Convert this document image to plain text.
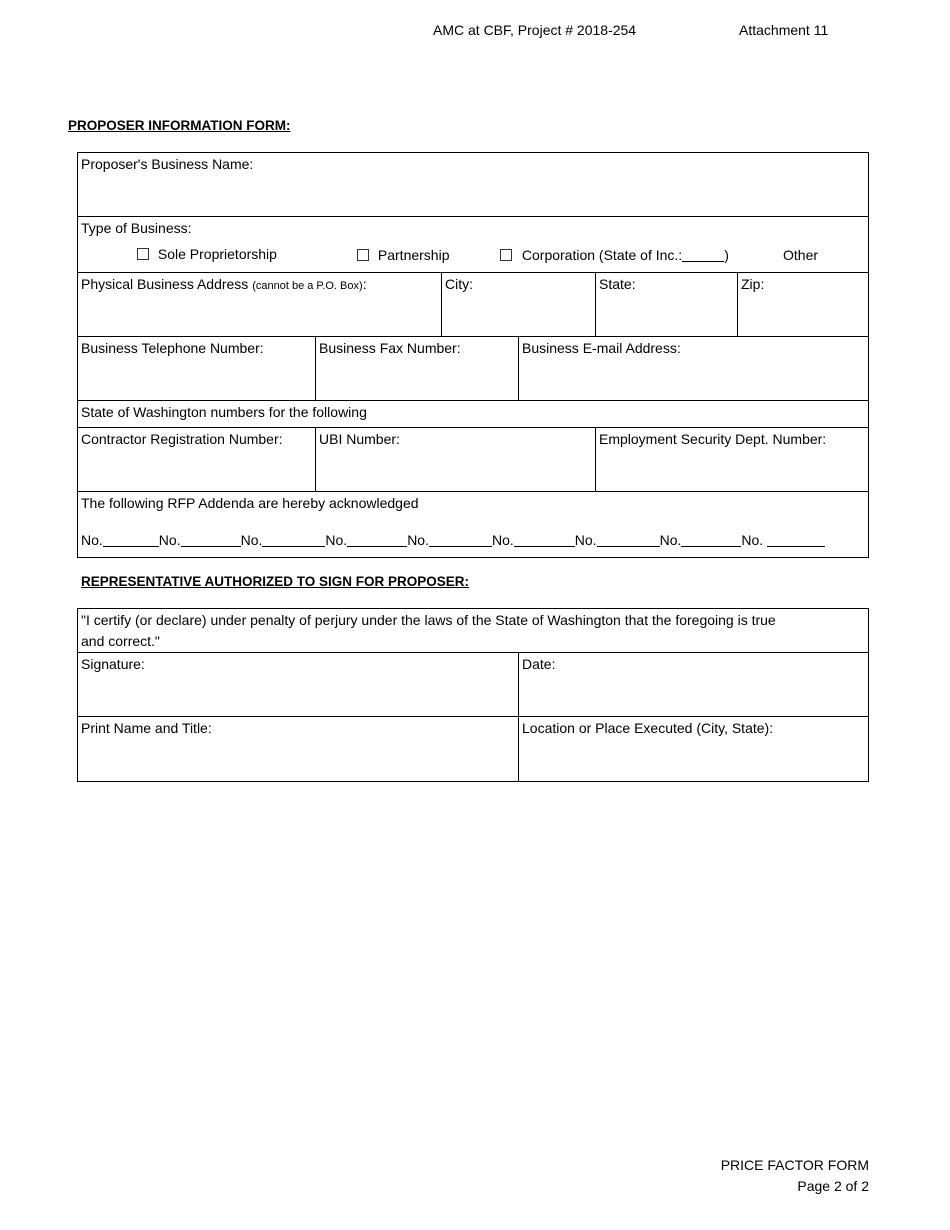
AMC at CBF, Project # 2018-254	Attachment 11
PROPOSER INFORMATION FORM:
Proposer's Business Name:
Type of Business:
Sole Proprietorship	Partnership	Corporation (State of Inc.:	)	Other
Physical Business Address (cannot be a P.O. Box):	City:	State:	Zip:
Business Telephone Number:	Business Fax Number:	Business E-mail Address:
State of Washington numbers for the following
Contractor Registration Number:	UBI Number:	Employment Security Dept. Number:
The following RFP Addenda are hereby acknowledged
No.	No.	No.	No.	No.	No.	No.	No.	No.
REPRESENTATIVE AUTHORIZED TO SIGN FOR PROPOSER:
"I certify (or declare) under penalty of perjury under the laws of the State of Washington that the foregoing is true
and correct."
Signature:	Date:
Print Name and Title:	Location or Place Executed (City, State):
PRICE FACTOR FORM
Page 2 of 2
